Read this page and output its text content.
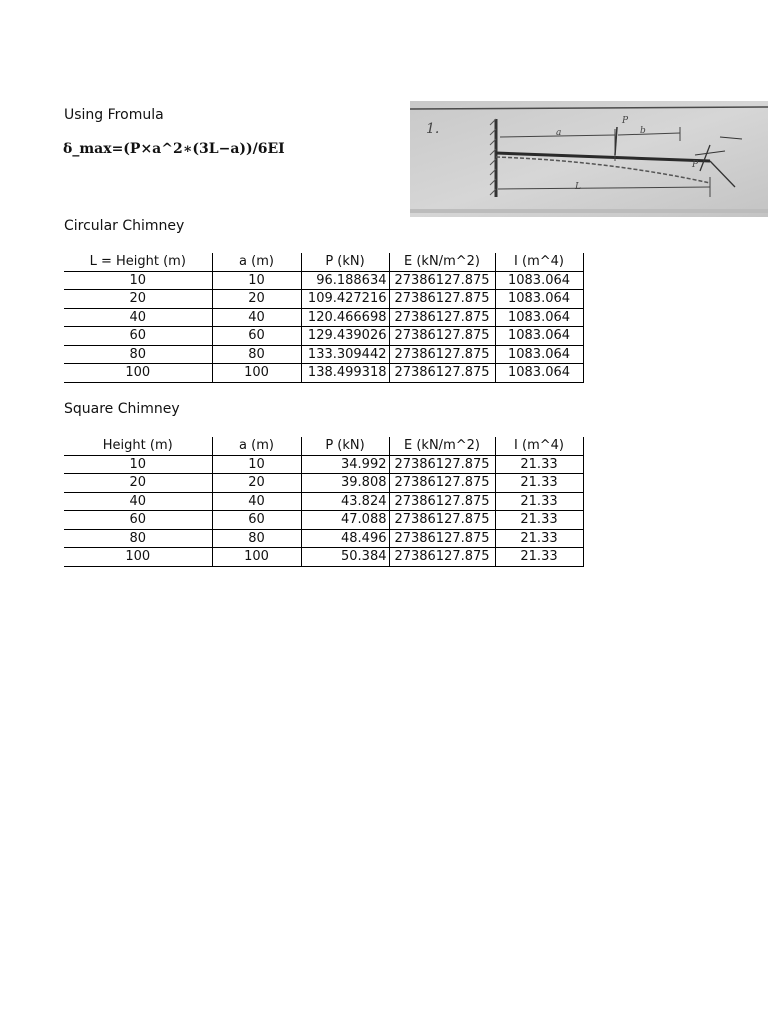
Using Fromula
δ_max=(P×a^2∗(3L−a))/6EI
1.	a
P
b
P
L
Circular Chimney
L = Height (m)	a (m)	P (kN)	E (kN/m^2)	I (m^4)
10	10	96.188634	27386127.875	1083.064
20	20	109.427216	27386127.875	1083.064
40	40	120.466698	27386127.875	1083.064
60	60	129.439026	27386127.875	1083.064
80	80	133.309442	27386127.875	1083.064
100	100	138.499318	27386127.875	1083.064
Square Chimney
Height (m)	a (m)	P (kN)	E (kN/m^2)	I (m^4)
10	10	34.992	27386127.875	21.33
20	20	39.808	27386127.875	21.33
40	40	43.824	27386127.875	21.33
60	60	47.088	27386127.875	21.33
80	80	48.496	27386127.875	21.33
100	100	50.384	27386127.875	21.33
